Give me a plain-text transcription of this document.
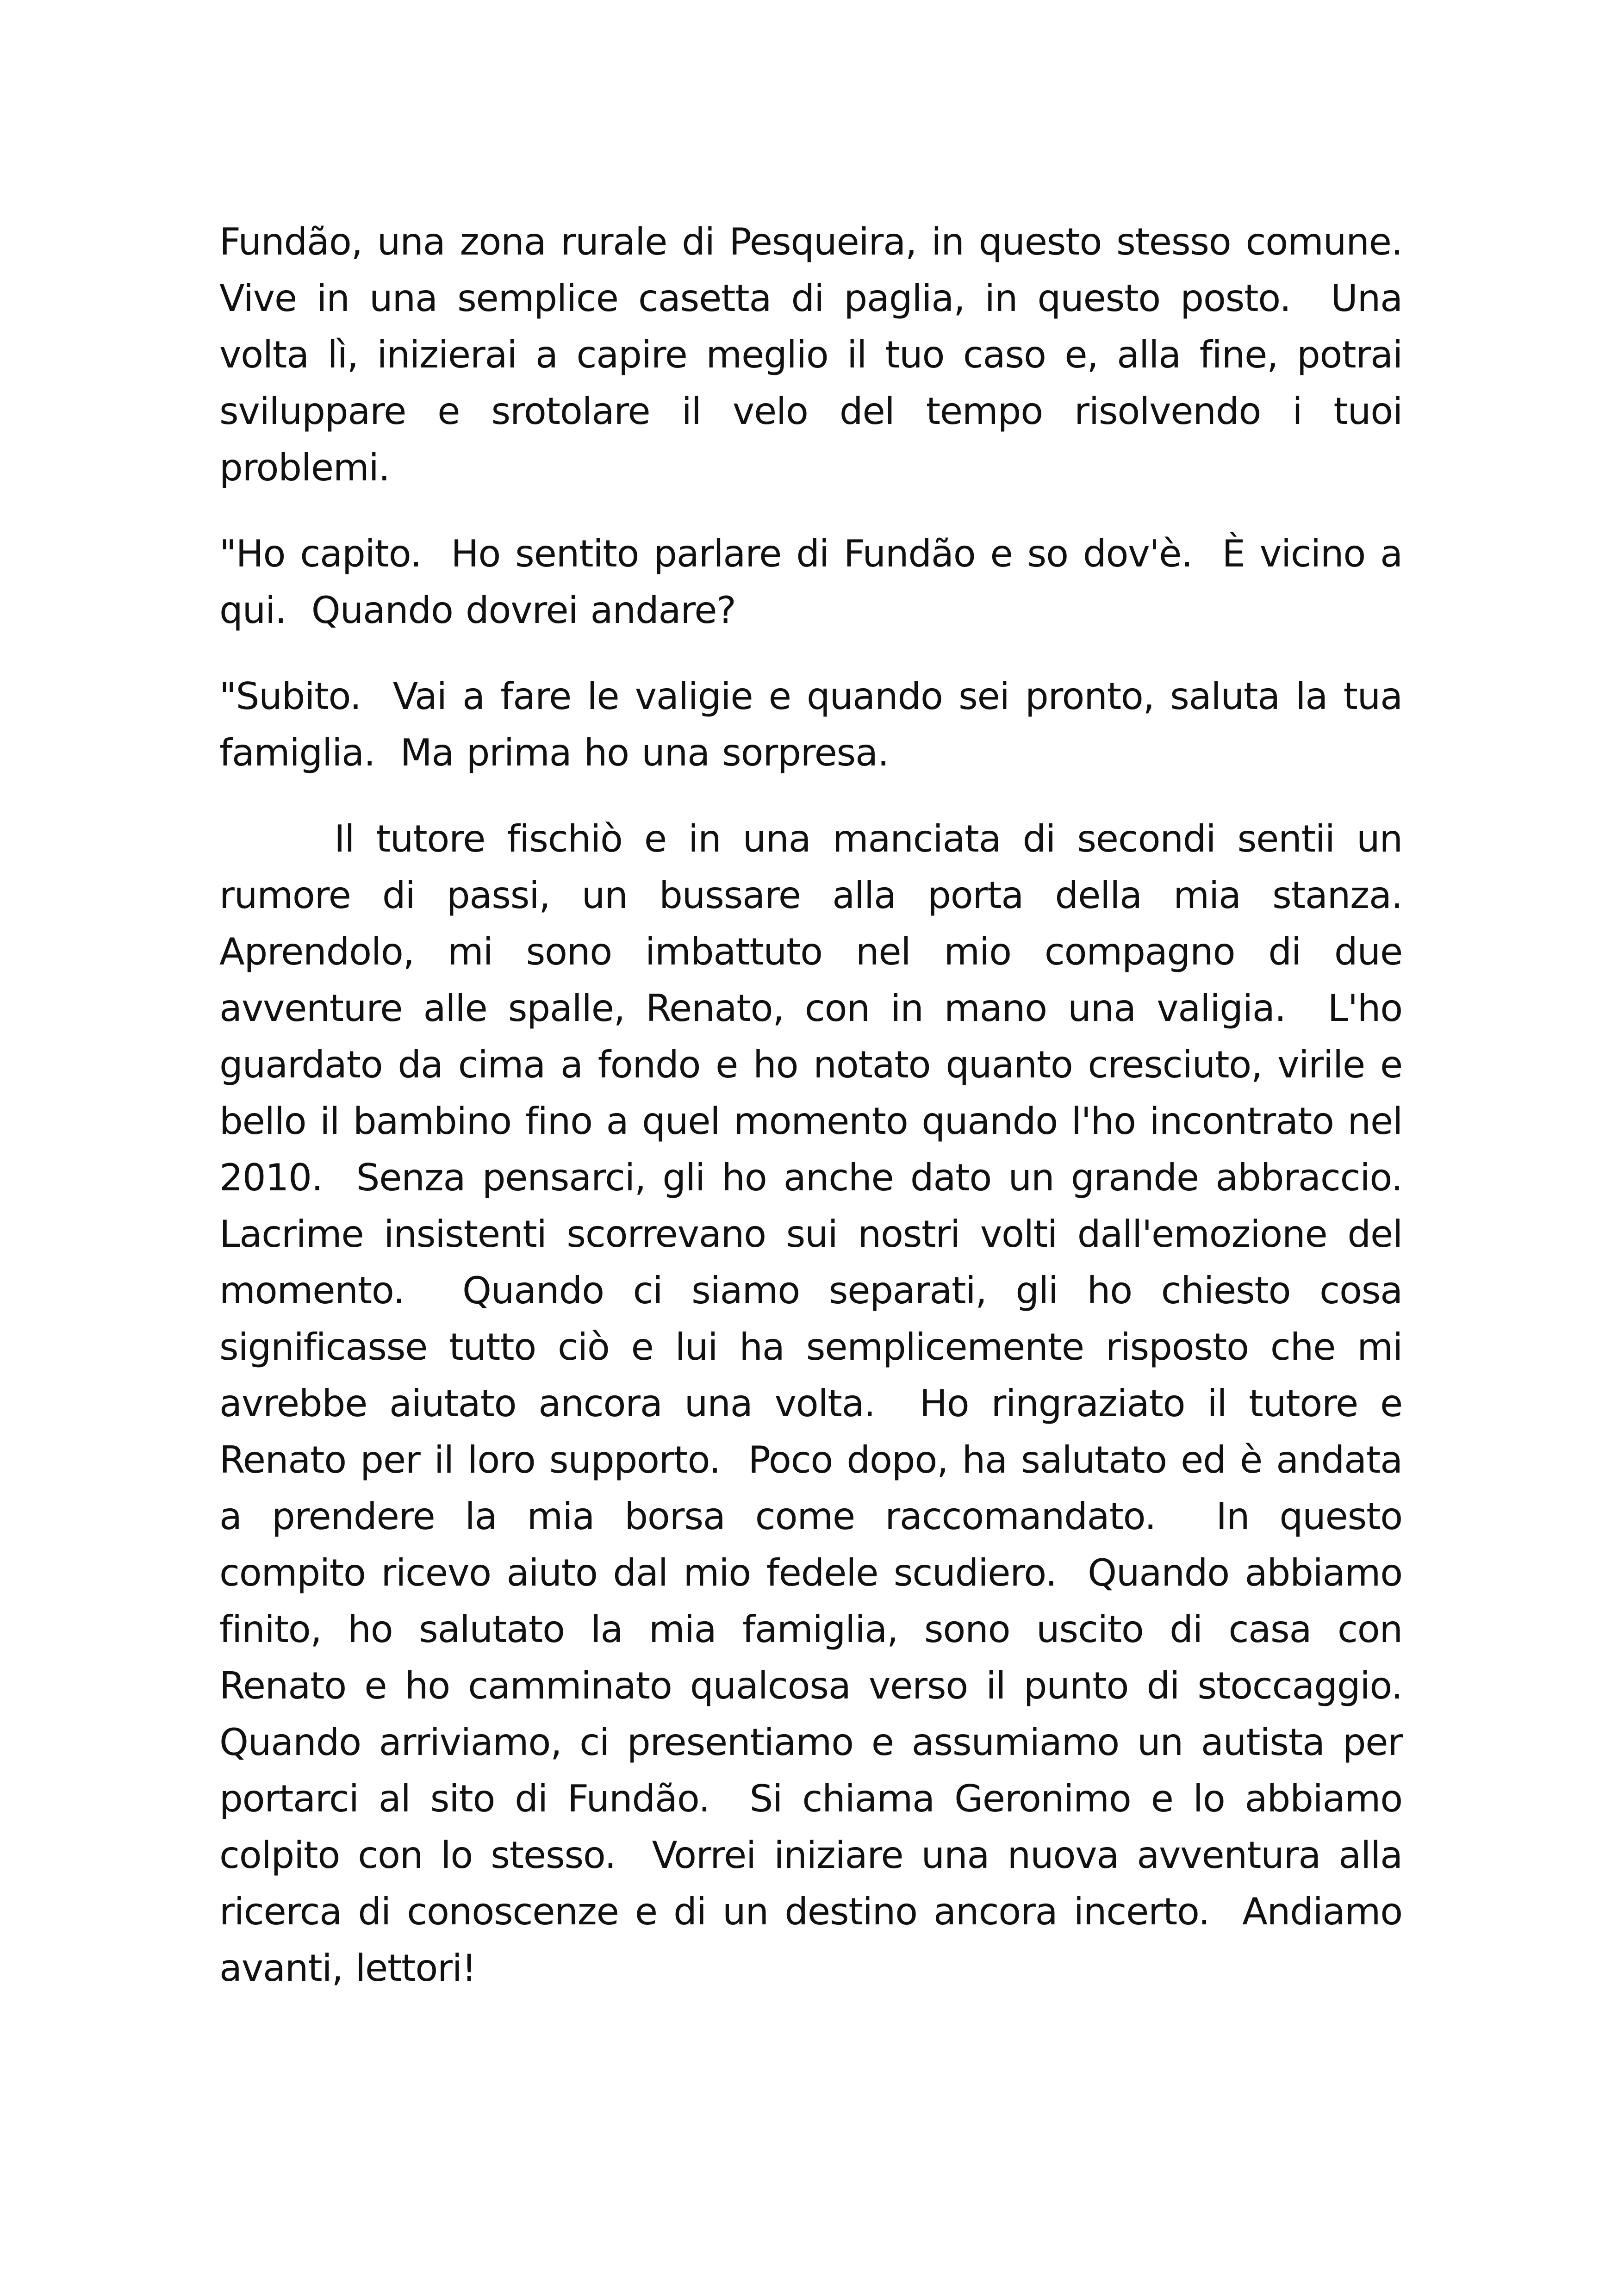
Fundão, una zona rurale di Pesqueira, in questo stesso comune.  Vive in una semplice casetta di paglia, in questo posto.  Una volta lì, inizierai a capire meglio il tuo caso e, alla fine, potrai sviluppare e srotolare il velo del tempo risolvendo i tuoi problemi.

"Ho capito.  Ho sentito parlare di Fundão e so dov'è.  È vicino a qui.  Quando dovrei andare?

"Subito.  Vai a fare le valigie e quando sei pronto, saluta la tua famiglia.  Ma prima ho una sorpresa.

Il tutore fischiò e in una manciata di secondi sentii un rumore di passi, un bussare alla porta della mia stanza.  Aprendolo, mi sono imbattuto nel mio compagno di due avventure alle spalle, Renato, con in mano una valigia.  L'ho guardato da cima a fondo e ho notato quanto cresciuto, virile e bello il bambino fino a quel momento quando l'ho incontrato nel 2010.  Senza pensarci, gli ho anche dato un grande abbraccio.  Lacrime insistenti scorrevano sui nostri volti dall'emozione del momento.  Quando ci siamo separati, gli ho chiesto cosa significasse tutto ciò e lui ha semplicemente risposto che mi avrebbe aiutato ancora una volta.  Ho ringraziato il tutore e Renato per il loro supporto.  Poco dopo, ha salutato ed è andata a prendere la mia borsa come raccomandato.  In questo compito ricevo aiuto dal mio fedele scudiero.  Quando abbiamo finito, ho salutato la mia famiglia, sono uscito di casa con Renato e ho camminato qualcosa verso il punto di stoccaggio.  Quando arriviamo, ci presentiamo e assumiamo un autista per portarci al sito di Fundão.  Si chiama Geronimo e lo abbiamo colpito con lo stesso.  Vorrei iniziare una nuova avventura alla ricerca di conoscenze e di un destino ancora incerto.  Andiamo avanti, lettori!
